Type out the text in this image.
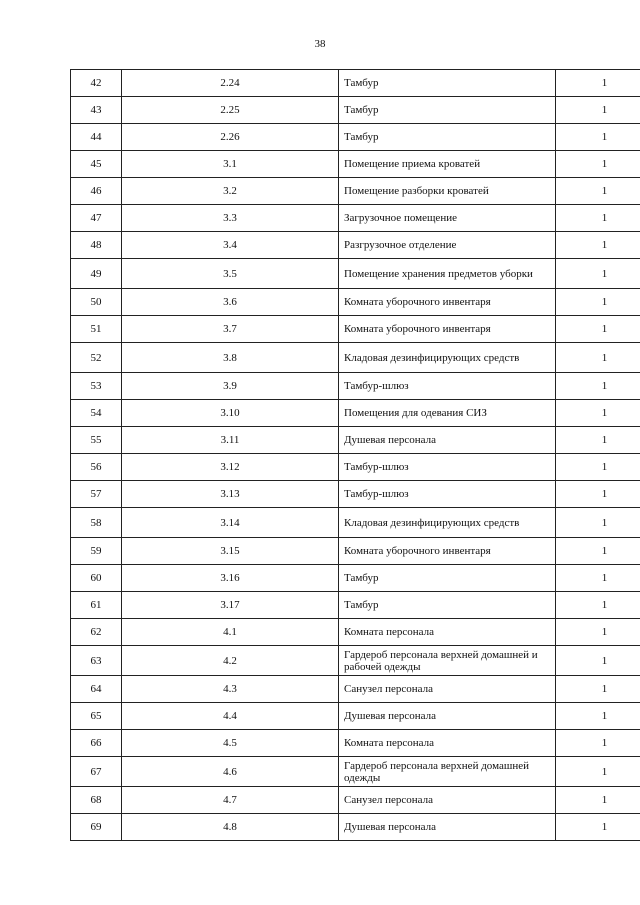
38
42	2.24	Тамбур	1
43	2.25	Тамбур	1
44	2.26	Тамбур	1
45	3.1	Помещение приема кроватей	1
46	3.2	Помещение разборки кроватей	1
47	3.3	Загрузочное помещение	1
48	3.4	Разгрузочное отделение	1
49	3.5	Помещение хранения предметов уборки	1
50	3.6	Комната уборочного инвентаря	1
51	3.7	Комната уборочного инвентаря	1
52	3.8	Кладовая дезинфицирующих средств	1
53	3.9	Тамбур-шлюз	1
54	3.10	Помещения для одевания СИЗ	1
55	3.11	Душевая персонала	1
56	3.12	Тамбур-шлюз	1
57	3.13	Тамбур-шлюз	1
58	3.14	Кладовая дезинфицирующих средств	1
59	3.15	Комната уборочного инвентаря	1
60	3.16	Тамбур	1
61	3.17	Тамбур	1
62	4.1	Комната персонала	1
63	4.2	Гардероб персонала верхней домашней и рабочей одежды	1
64	4.3	Санузел персонала	1
65	4.4	Душевая персонала	1
66	4.5	Комната персонала	1
67	4.6	Гардероб персонала верхней домашней одежды	1
68	4.7	Санузел персонала	1
69	4.8	Душевая персонала	1
